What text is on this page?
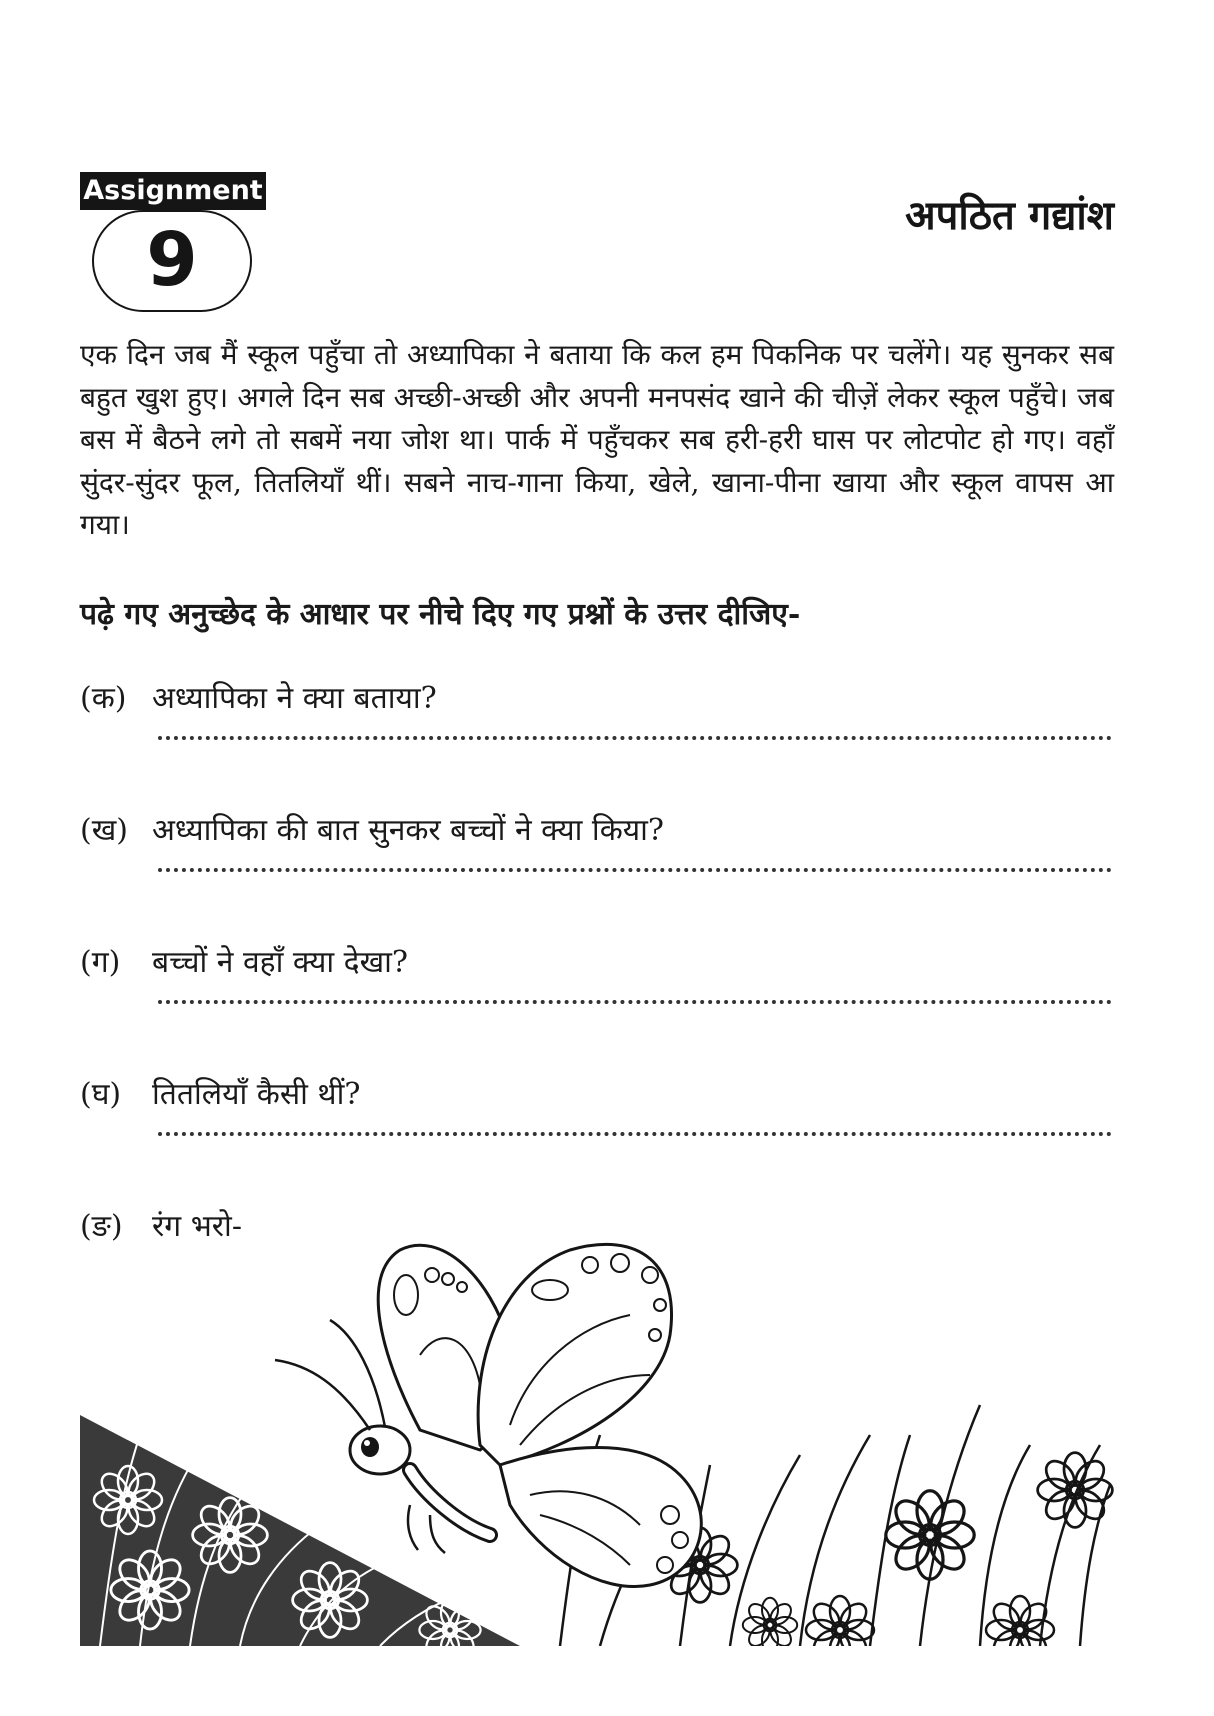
Assignment
9
अपठित गद्यांश

एक दिन जब मैं स्कूल पहुँचा तो अध्यापिका ने बताया कि कल हम पिकनिक पर चलेंगे। यह सुनकर सब बहुत खुश हुए। अगले दिन सब अच्छी-अच्छी और अपनी मनपसंद खाने की चीज़ें लेकर स्कूल पहुँचे। जब बस में बैठने लगे तो सबमें नया जोश था। पार्क में पहुँचकर सब हरी-हरी घास पर लोटपोट हो गए। वहाँ सुंदर-सुंदर फूल, तितलियाँ थीं। सबने नाच-गाना किया, खेले, खाना-पीना खाया और स्कूल वापस आ गया।

पढ़े गए अनुच्छेद के आधार पर नीचे दिए गए प्रश्नों के उत्तर दीजिए-

(क) अध्यापिका ने क्या बताया?
(ख) अध्यापिका की बात सुनकर बच्चों ने क्या किया?
(ग) बच्चों ने वहाँ क्या देखा?
(घ) तितलियाँ कैसी थीं?
(ङ) रंग भरो-
